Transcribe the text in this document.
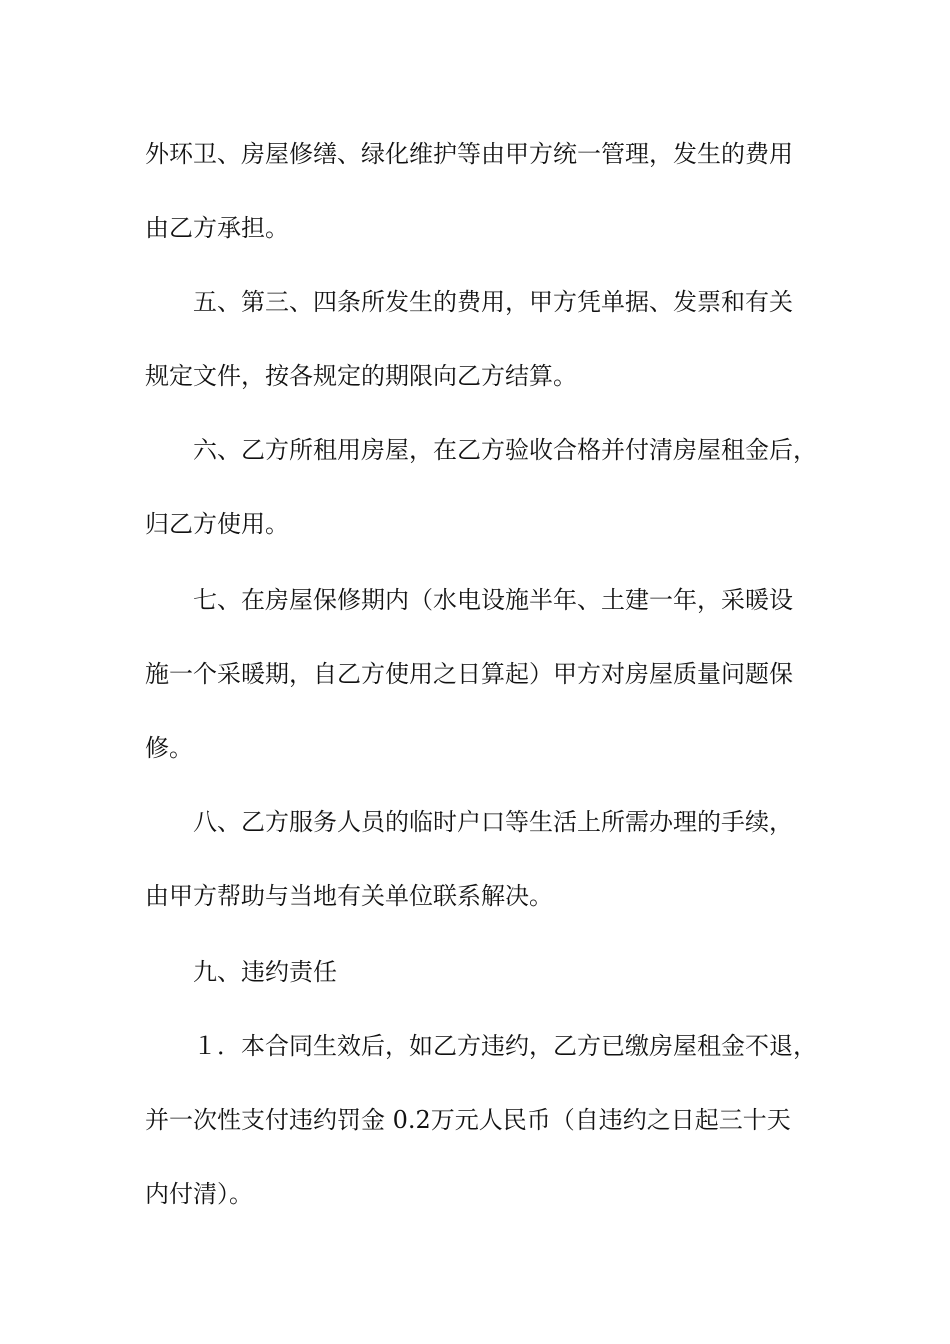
外环卫、房屋修缮、绿化维护等由甲方统一管理，发生的费用
由乙方承担。
五、第三、四条所发生的费用，甲方凭单据、发票和有关
规定文件，按各规定的期限向乙方结算。
六、乙方所租用房屋，在乙方验收合格并付清房屋租金后，
归乙方使用。
七、在房屋保修期内（水电设施半年、土建一年，采暖设
施一个采暖期，自乙方使用之日算起）甲方对房屋质量问题保
修。
八、乙方服务人员的临时户口等生活上所需办理的手续，
由甲方帮助与当地有关单位联系解决。
九、违约责任
１．本合同生效后，如乙方违约，乙方已缴房屋租金不退，
并一次性支付违约罚金 0.2万元人民币（自违约之日起三十天
内付清）。
